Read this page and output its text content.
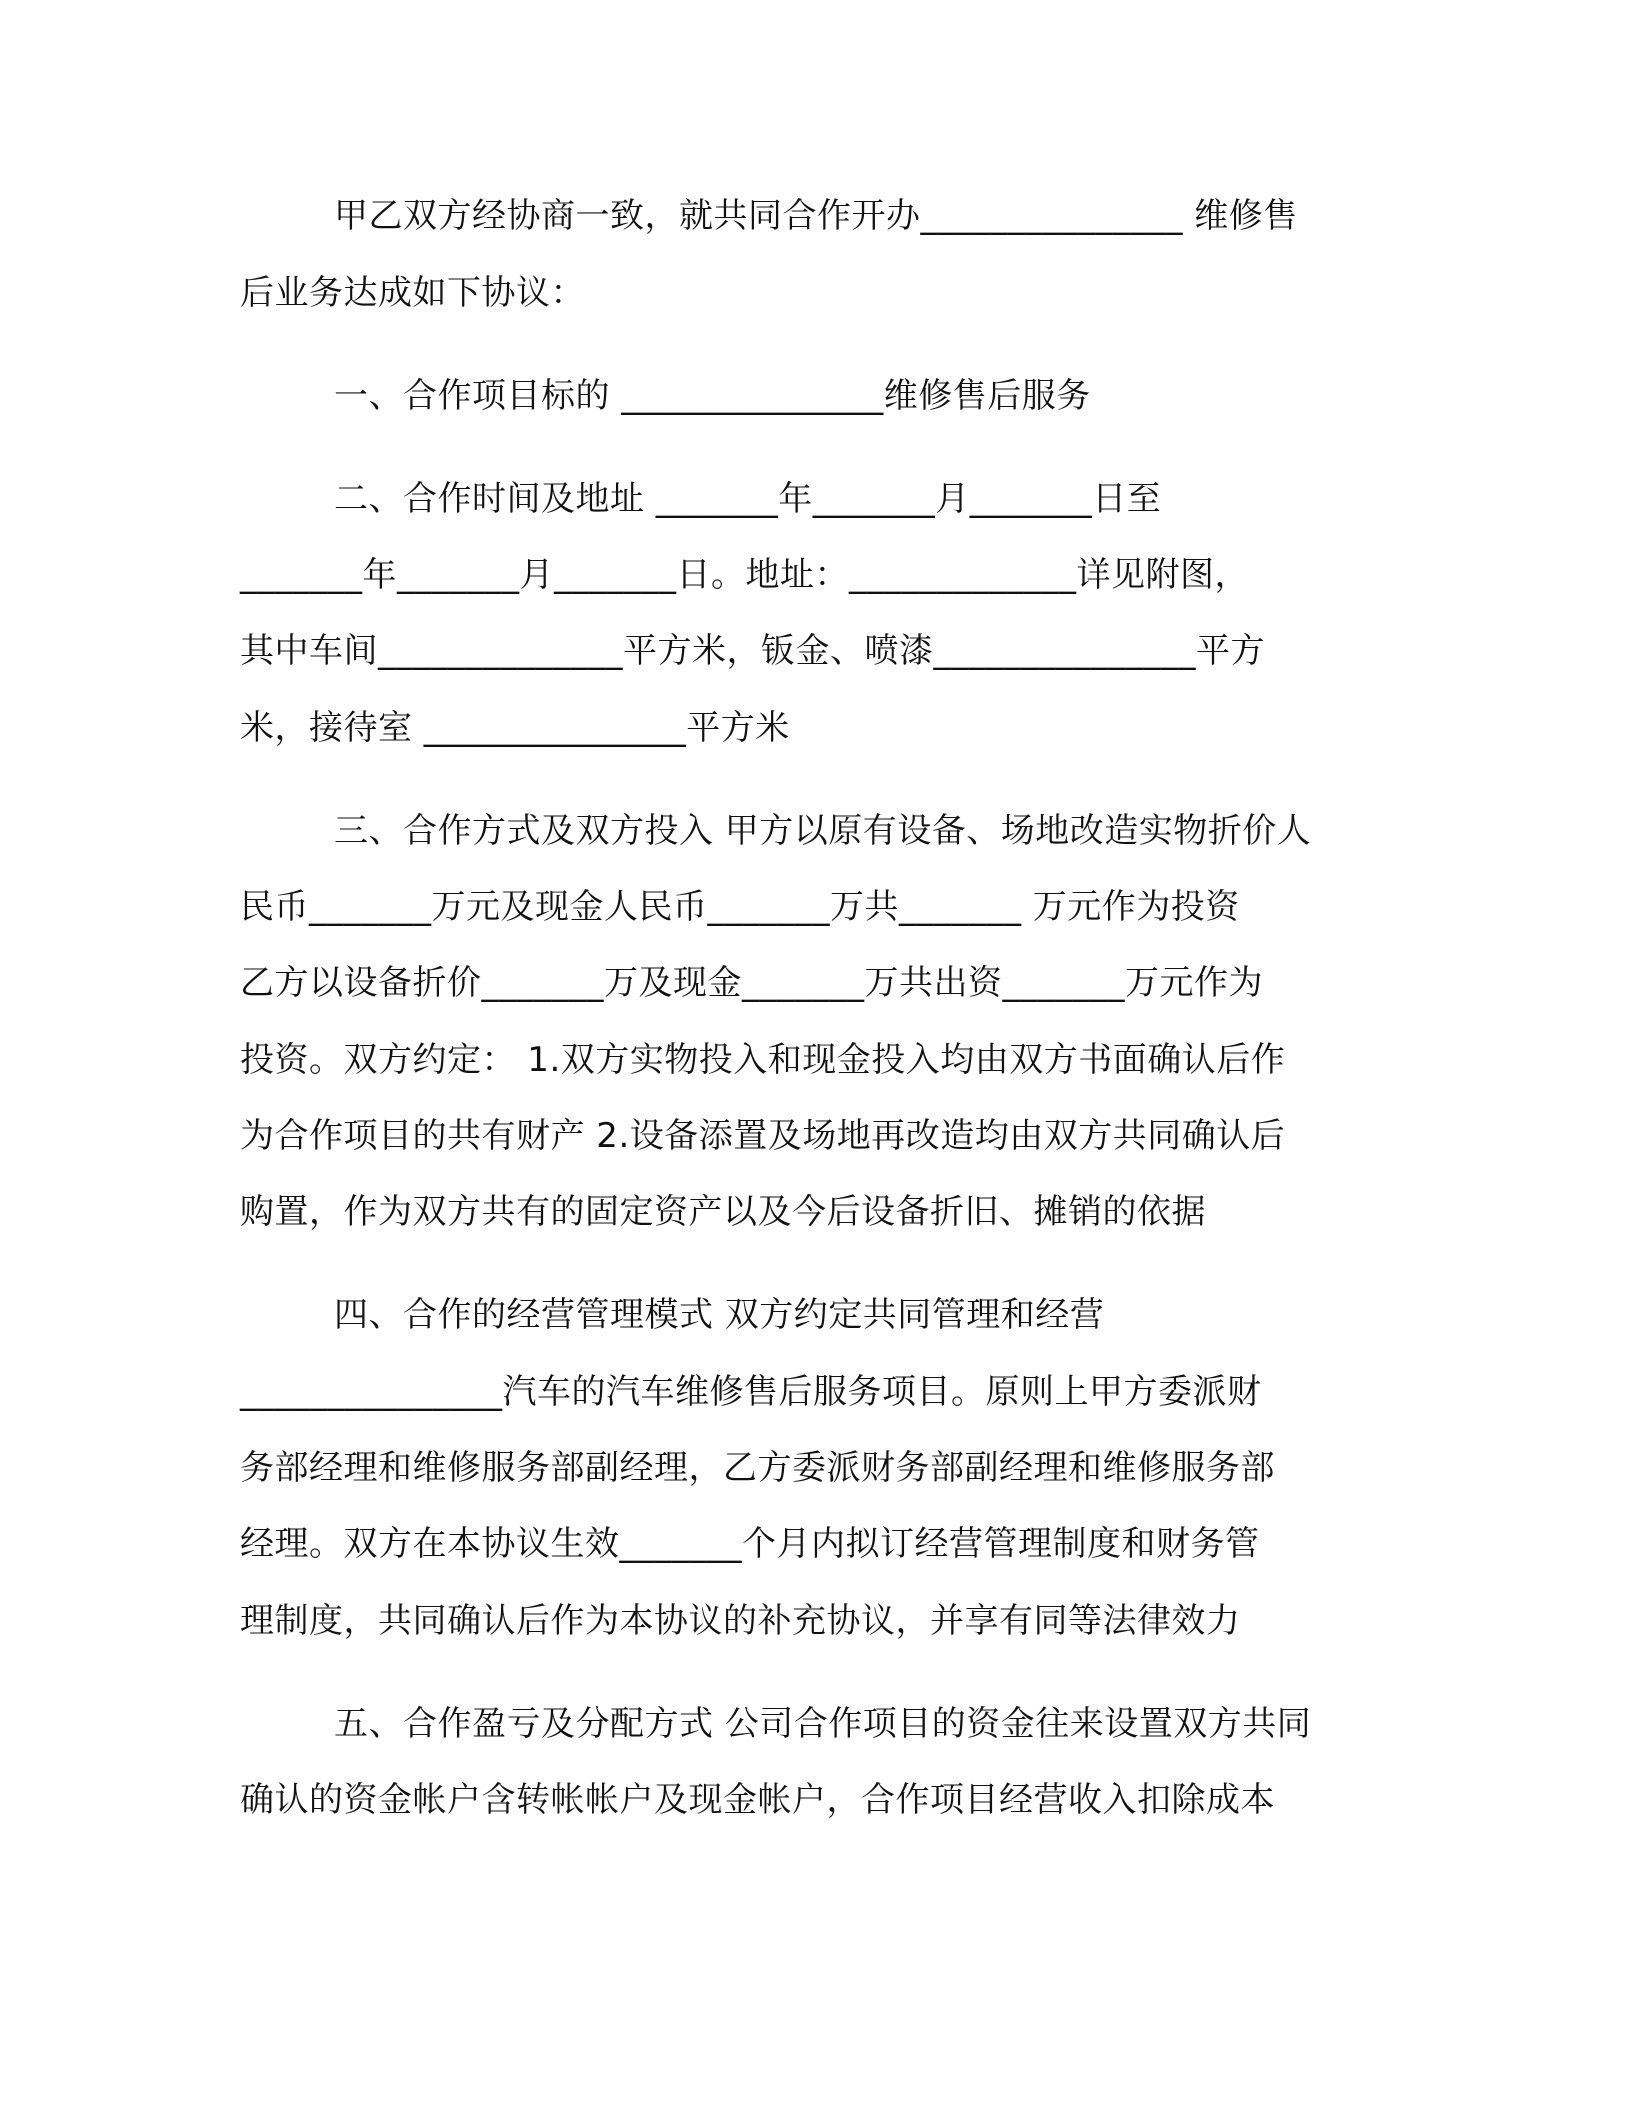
甲乙双方经协商一致，就共同合作开办_______________ 维修售
后业务达成如下协议：
一、合作项目标的 _______________维修售后服务
二、合作时间及地址 _______年_______月_______日至
_______年_______月_______日。地址：_____________详见附图，
其中车间______________平方米，钣金、喷漆_______________平方
米，接待室 _______________平方米
三、合作方式及双方投入 甲方以原有设备、场地改造实物折价人
民币_______万元及现金人民币_______万共_______ 万元作为投资
乙方以设备折价_______万及现金_______万共出资_______万元作为
投资。双方约定： 1.双方实物投入和现金投入均由双方书面确认后作
为合作项目的共有财产 2.设备添置及场地再改造均由双方共同确认后
购置，作为双方共有的固定资产以及今后设备折旧、摊销的依据
四、合作的经营管理模式 双方约定共同管理和经营
_______________汽车的汽车维修售后服务项目。原则上甲方委派财
务部经理和维修服务部副经理，乙方委派财务部副经理和维修服务部
经理。双方在本协议生效_______个月内拟订经营管理制度和财务管
理制度，共同确认后作为本协议的补充协议，并享有同等法律效力
五、合作盈亏及分配方式 公司合作项目的资金往来设置双方共同
确认的资金帐户含转帐帐户及现金帐户，合作项目经营收入扣除成本
